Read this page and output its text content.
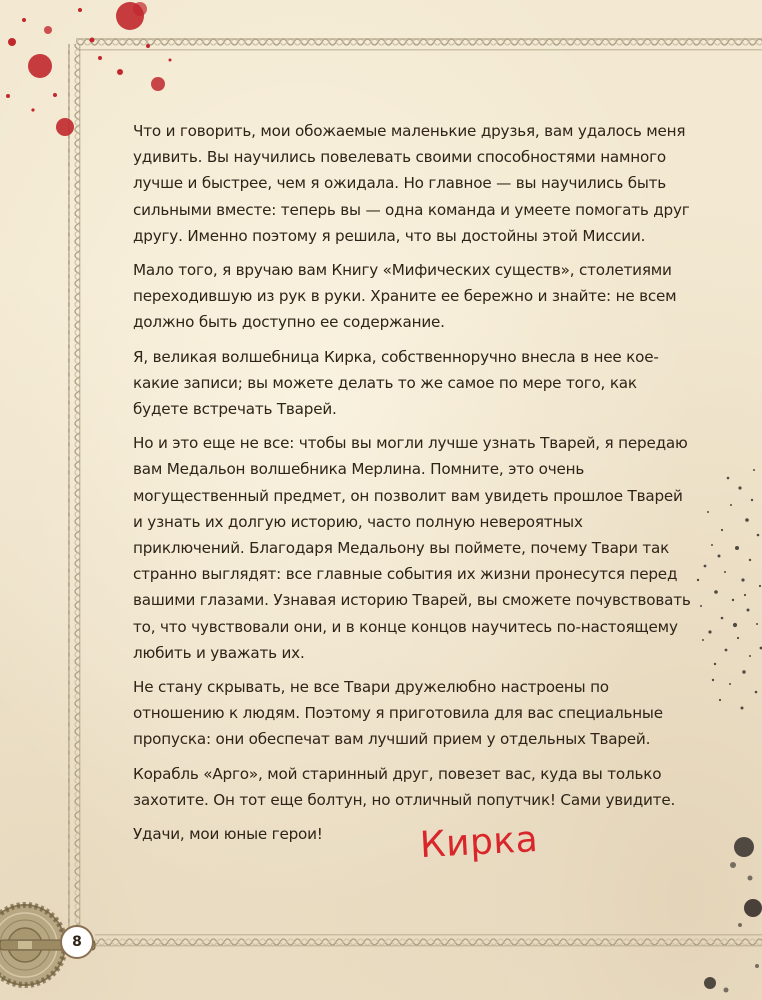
Что и говорить, мои обожаемые маленькие друзья, вам удалось меня удивить. Вы научились повелевать своими способностями намного лучше и быстрее, чем я ожидала. Но главное — вы научились быть сильными вместе: теперь вы — одна команда и умеете помогать друг другу. Именно поэтому я решила, что вы достойны этой Миссии.

Мало того, я вручаю вам Книгу «Мифических существ», столетиями переходившую из рук в руки. Храните ее бережно и знайте: не всем должно быть доступно ее содержание.

Я, великая волшебница Кирка, собственноручно внесла в нее кое-какие записи; вы можете делать то же самое по мере того, как будете встречать Тварей.

Но и это еще не все: чтобы вы могли лучше узнать Тварей, я передаю вам Медальон волшебника Мерлина. Помните, это очень могущественный предмет, он позволит вам увидеть прошлое Тварей и узнать их долгую историю, часто полную невероятных приключений. Благодаря Медальону вы поймете, почему Твари так странно выглядят: все главные события их жизни пронесутся перед вашими глазами. Узнавая историю Тварей, вы сможете почувствовать то, что чувствовали они, и в конце концов научитесь по-настоящему любить и уважать их.

Не стану скрывать, не все Твари дружелюбно настроены по отношению к людям. Поэтому я приготовила для вас специальные пропуска: они обеспечат вам лучший прием у отдельных Тварей.

Корабль «Арго», мой старинный друг, повезет вас, куда вы только захотите. Он тот еще болтун, но отличный попутчик! Сами увидите.

Удачи, мои юные герои!	Кирка
8
